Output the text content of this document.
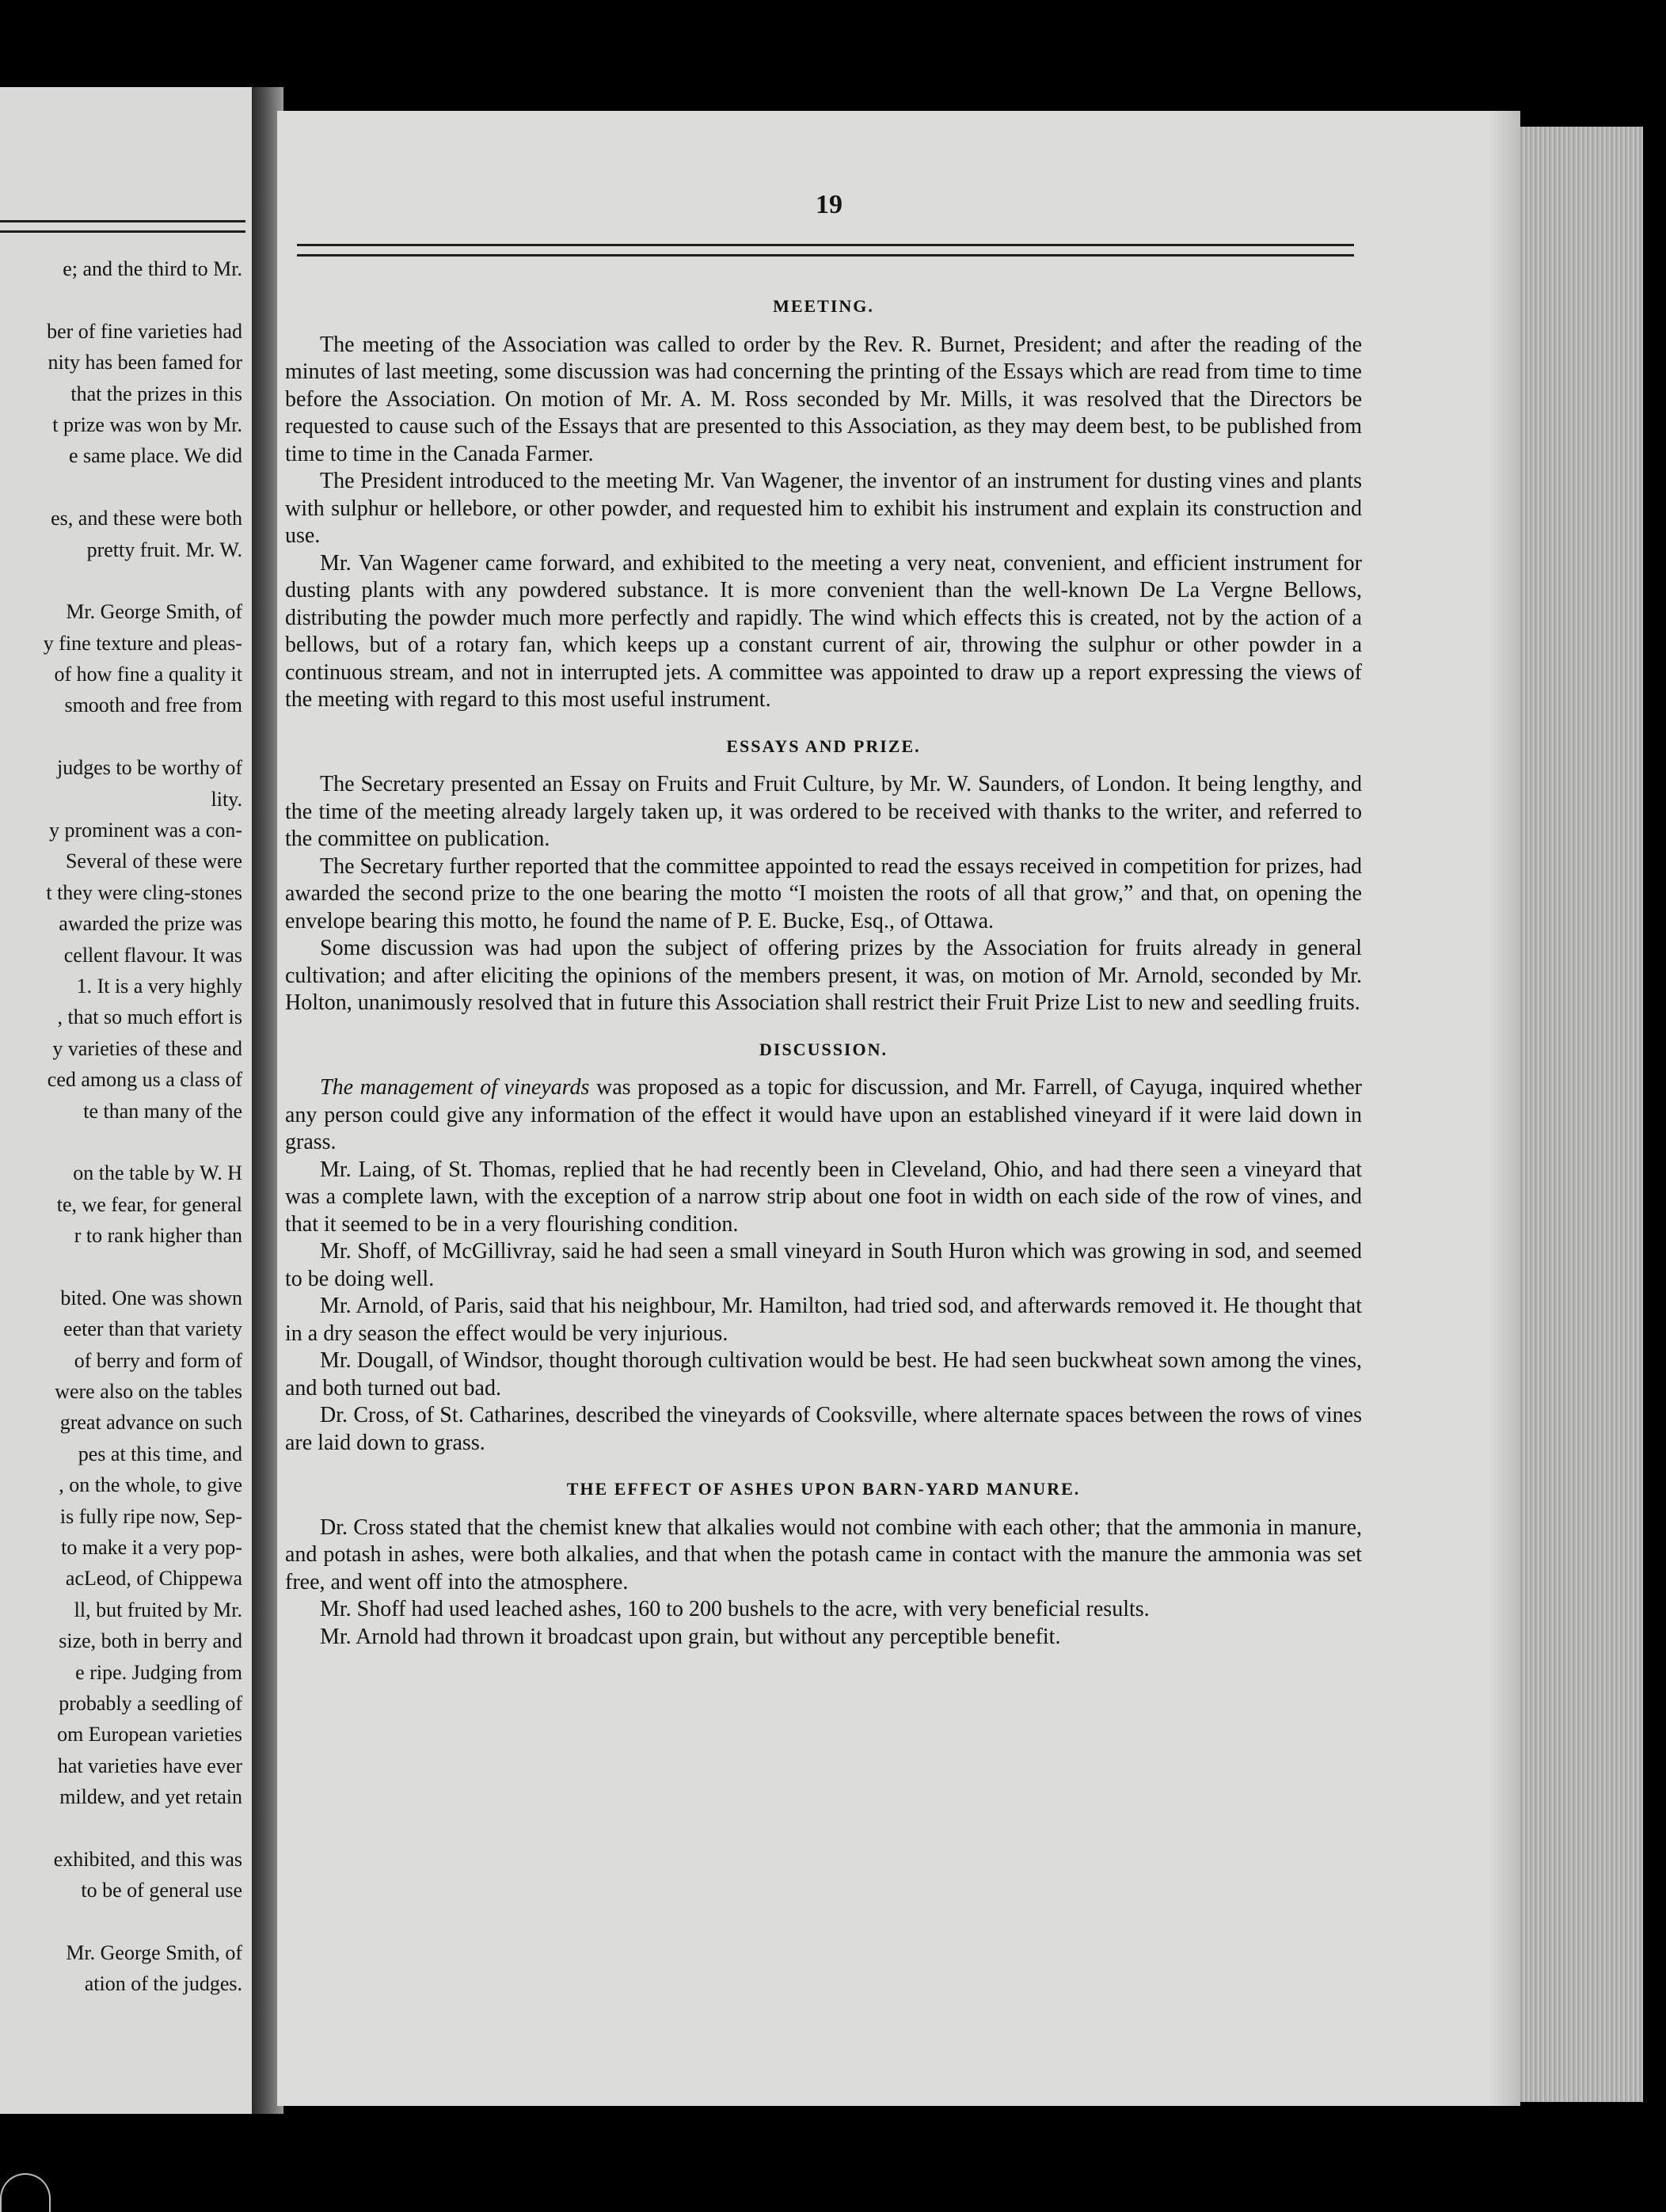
e; and the third to Mr.
ber of fine varieties had
nity has been famed for
that the prizes in this
t prize was won by Mr.
e same place. We did
es, and these were both
pretty fruit. Mr. W.
Mr. George Smith, of
y fine texture and pleas-
of how fine a quality it
smooth and free from
judges to be worthy of
lity.
y prominent was a con-
Several of these were
t they were cling-stones
awarded the prize was
cellent flavour. It was
1. It is a very highly
, that so much effort is
y varieties of these and
ced among us a class of
te than many of the
on the table by W. H
te, we fear, for general
r to rank higher than
bited. One was shown
eeter than that variety
of berry and form of
were also on the tables
great advance on such
pes at this time, and
, on the whole, to give
is fully ripe now, Sep-
to make it a very pop-
acLeod, of Chippewa
ll, but fruited by Mr.
size, both in berry and
e ripe. Judging from
probably a seedling of
om European varieties
hat varieties have ever
mildew, and yet retain
exhibited, and this was
to be of general use
Mr. George Smith, of
ation of the judges.
19
MEETING.

The meeting of the Association was called to order by the Rev. R. Burnet, President; and after the reading of the minutes of last meeting, some discussion was had concerning the printing of the Essays which are read from time to time before the Association. On motion of Mr. A. M. Ross seconded by Mr. Mills, it was resolved that the Directors be requested to cause such of the Essays that are presented to this Association, as they may deem best, to be published from time to time in the Canada Farmer.

The President introduced to the meeting Mr. Van Wagener, the inventor of an instrument for dusting vines and plants with sulphur or hellebore, or other powder, and requested him to exhibit his instrument and explain its construction and use.

Mr. Van Wagener came forward, and exhibited to the meeting a very neat, convenient, and efficient instrument for dusting plants with any powdered substance. It is more convenient than the well-known De La Vergne Bellows, distributing the powder much more perfectly and rapidly. The wind which effects this is created, not by the action of a bellows, but of a rotary fan, which keeps up a constant current of air, throwing the sulphur or other powder in a continuous stream, and not in interrupted jets. A committee was appointed to draw up a report expressing the views of the meeting with regard to this most useful instrument.

ESSAYS AND PRIZE.

The Secretary presented an Essay on Fruits and Fruit Culture, by Mr. W. Saunders, of London. It being lengthy, and the time of the meeting already largely taken up, it was ordered to be received with thanks to the writer, and referred to the committee on publication.

The Secretary further reported that the committee appointed to read the essays received in competition for prizes, had awarded the second prize to the one bearing the motto “I moisten the roots of all that grow,” and that, on opening the envelope bearing this motto, he found the name of P. E. Bucke, Esq., of Ottawa.

Some discussion was had upon the subject of offering prizes by the Association for fruits already in general cultivation; and after eliciting the opinions of the members present, it was, on motion of Mr. Arnold, seconded by Mr. Holton, unanimously resolved that in future this Association shall restrict their Fruit Prize List to new and seedling fruits.

DISCUSSION.

The management of vineyards was proposed as a topic for discussion, and Mr. Farrell, of Cayuga, inquired whether any person could give any information of the effect it would have upon an established vineyard if it were laid down in grass.

Mr. Laing, of St. Thomas, replied that he had recently been in Cleveland, Ohio, and had there seen a vineyard that was a complete lawn, with the exception of a narrow strip about one foot in width on each side of the row of vines, and that it seemed to be in a very flourishing condition.

Mr. Shoff, of McGillivray, said he had seen a small vineyard in South Huron which was growing in sod, and seemed to be doing well.

Mr. Arnold, of Paris, said that his neighbour, Mr. Hamilton, had tried sod, and afterwards removed it. He thought that in a dry season the effect would be very injurious.

Mr. Dougall, of Windsor, thought thorough cultivation would be best. He had seen buckwheat sown among the vines, and both turned out bad.

Dr. Cross, of St. Catharines, described the vineyards of Cooksville, where alternate spaces between the rows of vines are laid down to grass.

THE EFFECT OF ASHES UPON BARN-YARD MANURE.

Dr. Cross stated that the chemist knew that alkalies would not combine with each other; that the ammonia in manure, and potash in ashes, were both alkalies, and that when the potash came in contact with the manure the ammonia was set free, and went off into the atmosphere.

Mr. Shoff had used leached ashes, 160 to 200 bushels to the acre, with very beneficial results.

Mr. Arnold had thrown it broadcast upon grain, but without any perceptible benefit.
